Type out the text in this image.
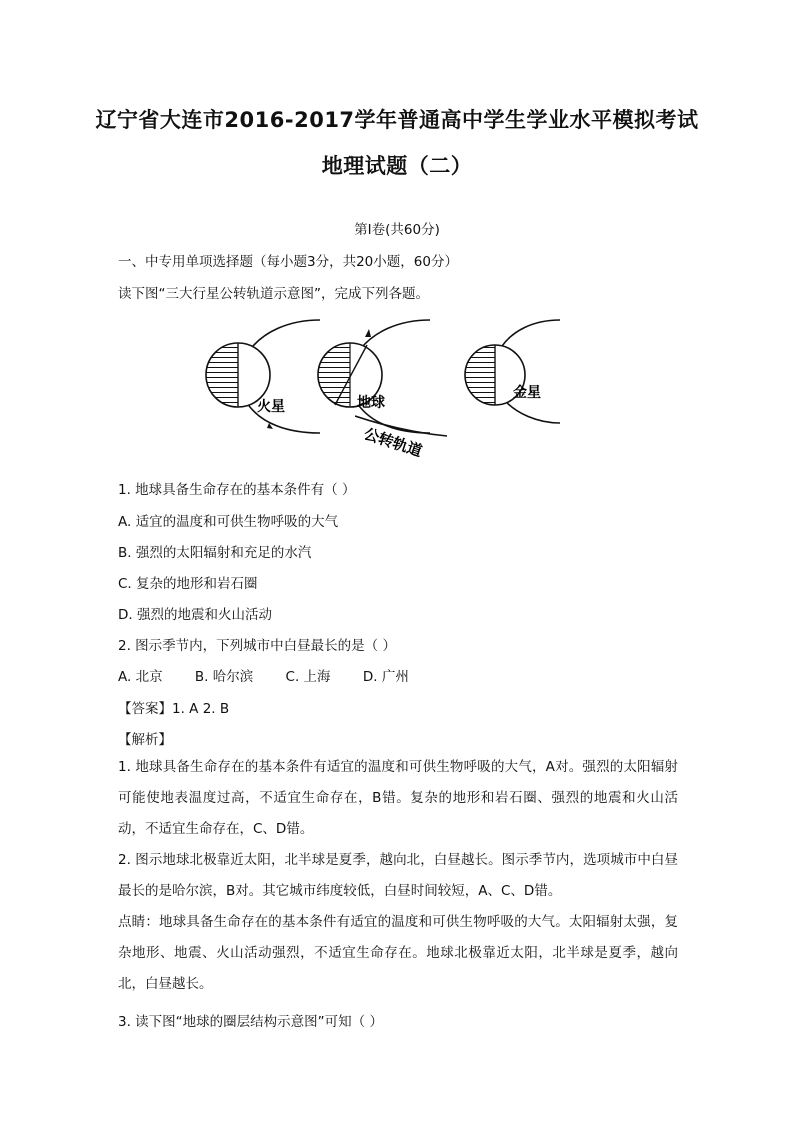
辽宁省大连市2016-2017学年普通高中学生学业水平模拟考试
地理试题（二）
第Ⅰ卷(共60分)
一、中专用单项选择题（每小题3分，共20小题，60分）
读下图“三大行星公转轨道示意图”，完成下列各题。
火星	地球
金星
公转轨道
1. 地球具备生命存在的基本条件有（ ）
A. 适宜的温度和可供生物呼吸的大气
B. 强烈的太阳辐射和充足的水汽
C. 复杂的地形和岩石圈
D. 强烈的地震和火山活动
2. 图示季节内，下列城市中白昼最长的是（ ）
A. 北京 B. 哈尔滨 C. 上海 D. 广州
【答案】1. A 2. B
【解析】
1. 地球具备生命存在的基本条件有适宜的温度和可供生物呼吸的大气，A对。强烈的太阳辐射可能使地表温度过高，不适宜生命存在，B错。复杂的地形和岩石圈、强烈的地震和火山活动，不适宜生命存在，C、D错。
2. 图示地球北极靠近太阳，北半球是夏季，越向北，白昼越长。图示季节内，选项城市中白昼最长的是哈尔滨，B对。其它城市纬度较低，白昼时间较短，A、C、D错。
点睛：地球具备生命存在的基本条件有适宜的温度和可供生物呼吸的大气。太阳辐射太强，复杂地形、地震、火山活动强烈，不适宜生命存在。地球北极靠近太阳，北半球是夏季，越向北，白昼越长。
3. 读下图“地球的圈层结构示意图”可知（ ）
